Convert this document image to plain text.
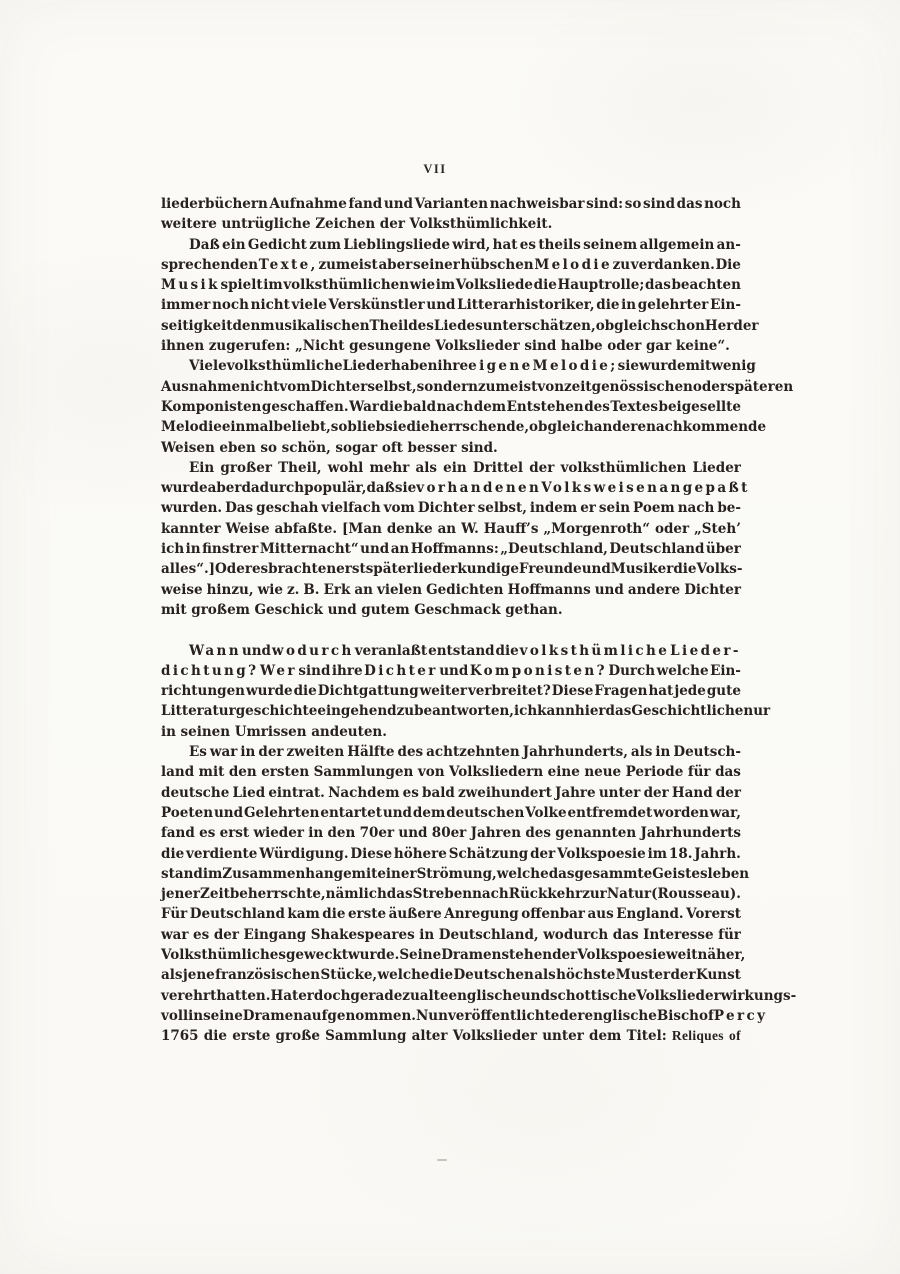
VII
liederbüchern Aufnahme fand und Varianten nachweisbar sind: so sind das noch
weitere untrügliche Zeichen der Volksthümlichkeit.
Daß ein Gedicht zum Lieblingsliede wird, hat es theils seinem allgemein an-
sprechenden Texte, zumeist aber seiner hübschen Melodie zu verdanken. Die
Musik spielt im volksthümlichen wie im Volksliede die Hauptrolle; das beachten
immer noch nicht viele Verskünstler und Litterarhistoriker, die in gelehrter Ein-
seitigkeit den musikalischen Theil des Liedes unterschätzen, obgleich schon Herder
ihnen zugerufen: „Nicht gesungene Volkslieder sind halbe oder gar keine“.
Viele volksthümliche Lieder haben ihre eigene Melodie; sie wurde mit wenig
Ausnahme nicht vom Dichter selbst, sondern zumeist von zeitgenössischen oder späteren
Komponisten geschaffen. War die bald nach dem Entstehen des Textes beigesellte
Melodie einmal beliebt, so blieb sie die herrschende, obgleich andere nachkommende
Weisen eben so schön, sogar oft besser sind.
Ein großer Theil, wohl mehr als ein Drittel der volksthümlichen Lieder
wurde aber dadurch populär, daß sie vorhandenen Volksweisen angepaßt
wurden. Das geschah vielfach vom Dichter selbst, indem er sein Poem nach be-
kannter Weise abfaßte. [Man denke an W. Hauff’s „Morgenroth“ oder „Steh’
ich in finstrer Mitternacht“ und an Hoffmanns: „Deutschland, Deutschland über
alles“.] Oder es brachten erst später liederkundige Freunde und Musiker die Volks-
weise hinzu, wie z. B. Erk an vielen Gedichten Hoffmanns und andere Dichter
mit großem Geschick und gutem Geschmack gethan.
Wann und wodurch veranlaßt entstand die volksthümliche Lieder-
dichtung? Wer sind ihre Dichter und Komponisten? Durch welche Ein-
richtungen wurde die Dichtgattung weiter verbreitet? Diese Fragen hat jede gute
Litteraturgeschichte eingehend zu beantworten, ich kann hier das Geschichtliche nur
in seinen Umrissen andeuten.
Es war in der zweiten Hälfte des achtzehnten Jahrhunderts, als in Deutsch-
land mit den ersten Sammlungen von Volksliedern eine neue Periode für das
deutsche Lied eintrat. Nachdem es bald zweihundert Jahre unter der Hand der
Poeten und Gelehrten entartet und dem deutschen Volke entfremdet worden war,
fand es erst wieder in den 70er und 80er Jahren des genannten Jahrhunderts
die verdiente Würdigung. Diese höhere Schätzung der Volkspoesie im 18. Jahrh.
stand im Zusammenhange mit einer Strömung, welche das gesammte Geistesleben
jener Zeit beherrschte, nämlich das Streben nach Rückkehr zur Natur (Rousseau).
Für Deutschland kam die erste äußere Anregung offenbar aus England. Vorerst
war es der Eingang Shakespeares in Deutschland, wodurch das Interesse für
Volksthümliches geweckt wurde. Seine Dramen stehen der Volkspoesie weit näher,
als jene französischen Stücke, welche die Deutschen als höchste Muster der Kunst
verehrt hatten. Hat er doch geradezu alte englische und schottische Volkslieder wirkungs-
voll in seine Dramen aufgenommen. Nun veröffentlichte der englische Bischof Percy
1765 die erste große Sammlung alter Volkslieder unter dem Titel: Reliques of
